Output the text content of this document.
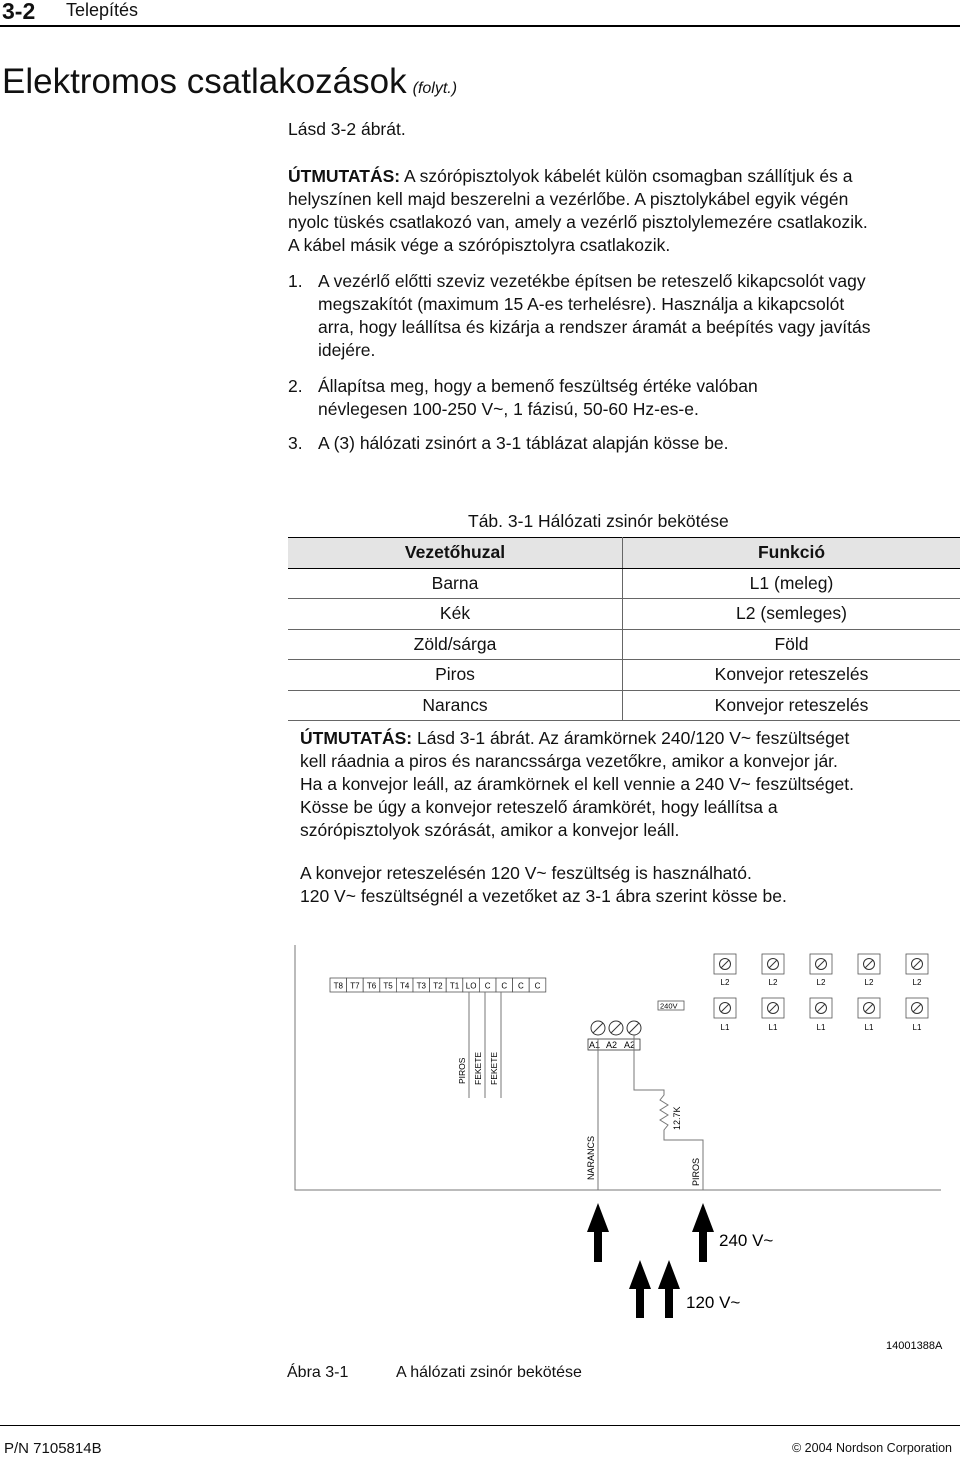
3-2 Telepítés
Elektromos csatlakozások (folyt.)
Lásd 3-2 ábrát.
ÚTMUTATÁS: A szórópisztolyok kábelét külön csomagban szállítjuk és a
helyszínen kell majd beszerelni a vezérlőbe. A pisztolykábel egyik végén
nyolc tüskés csatlakozó van, amely a vezérlő pisztolylemezére csatlakozik.
A kábel másik vége a szórópisztolyra csatlakozik.
1. A vezérlő előtti szeviz vezetékbe építsen be reteszelő kikapcsolót vagy
megszakítót (maximum 15 A-es terhelésre). Használja a kikapcsolót
arra, hogy leállítsa és kizárja a rendszer áramát a beépítés vagy javítás
idejére.
2. Állapítsa meg, hogy a bemenő feszültség értéke valóban
névlegesen 100-250 V~, 1 fázisú, 50-60 Hz-es-e.
3. A (3) hálózati zsinórt a 3-1 táblázat alapján kösse be.
Táb. 3-1 Hálózati zsinór bekötése
Vezetőhuzal	Funkció
Barna	L1 (meleg)
Kék	L2 (semleges)
Zöld/sárga	Föld
Piros	Konvejor reteszelés
Narancs	Konvejor reteszelés
ÚTMUTATÁS: Lásd 3-1 ábrát. Az áramkörnek 240/120 V~ feszültséget
kell ráadnia a piros és narancssárga vezetőkre, amikor a konvejor jár.
Ha a konvejor leáll, az áramkörnek el kell vennie a 240 V~ feszültséget.
Kösse be úgy a konvejor reteszelő áramkörét, hogy leállítsa a
szórópisztolyok szórását, amikor a konvejor leáll.
A konvejor reteszelésén 120 V~ feszültség is használható.
120 V~ feszültségnél a vezetőket az 3-1 ábra szerint kösse be.
T8 T7 T6 T5 T4 T3 T2 T1 LO C C C C	L2
L1
L2
L1
L2
L1
L2
L1
L2
L1
240V
A1 A2 A2
PIROS FEKETE FEKETE
NARANCS
12.7K
PIROS
240 V~
120 V~
14001388A
Ábra 3-1	A hálózati zsinór bekötése
P/N 7105814B	© 2004 Nordson Corporation
